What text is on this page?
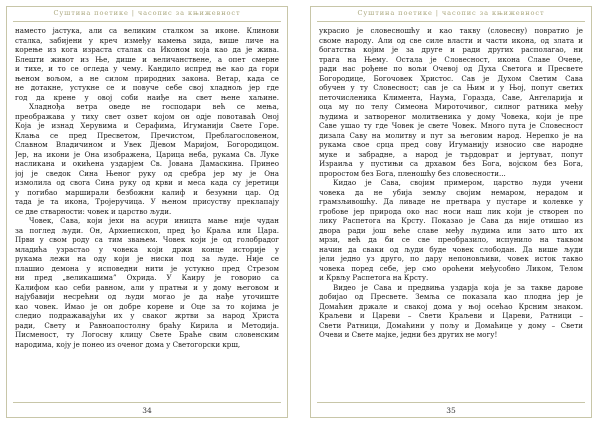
Суштина поетике | часопис за књижевност
наместо јастука, али са великим сталком за иконе. Клинови
сталка, забијени у креч између камења зида, више личе на
корење из кога израста сталак са Иконом која као да је жива.
Блешти живот из Ње, дише и величанствене, а опет смерне
и тихе, и то се огледа у чему. Кандило испред ње као да гори
њеном вољом, а не силом природних закона. Ветар, када се
не дотакне, устукне се и повуче себе свој хладнољ јер где
год да крене у овој соби наиђе на свет њене хаљине.
Хладнођа ветра оведе не господари већ се мења,
преображава у тиху свет озвет којом он одје повотаваћ Оној
Која је изнад Херувима и Серафима, Игуманији Свете Горе.
Клања се пред Пресветом, Пречистом, Преблагословеном,
Славном Владичином и Увек Дјевом Маријом, Богородицом.
Јер, на икони је Она изображена, Царица неба, рукама Св. Луке
насликана и окићена уздарјем Св. Јована Дамаскина. Принео
јој је сведок Сина Њеног руку од сребра јер му је Она
измолила од свога Сина руку од крви и меса када су јеретици
у погибао марширали безбожни калиф и безумни цар. Од
тада је та икона, Тројеручица. У њеном присуству преклапају
се две стварности: човек и царство људи.
Човек, Сава, који јехи на асури иницта мање није чудан
за поглед људи. Он, Архиепископ, пред ђо Краља или Цара.
Први у свом роду са тим звањем. Човек који је од голобрадог
младића узрастао у човека који држи конце историје у
рукама лежи на оду који је ниски под за људе. Није се
плашио демона у исповедни нити је устукно пред Стрезом
ни пред „великашима” Охрида. У Каиру је говорио са
Калифом као себи равном, али у пратњи и у дому његовом и
најубавији несрећни од људи могао је да нађе уточиште
као човек. Имао је он добре корене и Оце за то којима је
следио подражавајући их у сваког жртви за народ Христа
ради, Свету и Равноапостолну браћу Кирила и Методија.
Писменост, ту Логосну клицу Свете Браће свим словенским
народима, коју је понео из оченог дома у Светогорски крш,
34
Суштина поетике | часопис за књижевност
украсио је словесношћу и као такву (словесну) повратио је
своме народу. Али од све силе власти и части икона, од злата и
богатства којим је за друге и ради других располагао, ни
трага на Њему. Остала је Словесност, икона Славе Очеве,
ради нас рођене по вољи Очевој од Духа Светога и Пресвете
Богородице, Богочовек Христос. Сав је Духом Светим Сава
обучен у ту Словесност; сав је са Њим и у Њој, попут светих
петочисленика Климента, Наума, Горазда, Саве, Ангеларија и
оца му по телу Симеона Мироточивог, силног ратника међу
људима и затвореног молитвеника у дому Човека, који је пре
Саве ушао ту где Човек је свете Човек. Много пута је Словесност
дизала Саву на молитву и пут за његовим народ. Нерепко је на
рукама свое срца пред сову Игуманију износио све народне
муке и забрадне, а народ је търдоврат и jертуват, попут
Израиља у пустињи са дрхавом без Бога, војском без Бога,
проростом без Бога, пленошћу без словесности...
Кидао је Сава, својим примером, царство људи учени
човека да не убија земљу својим немаром, нерадом и
грамзљивошћу. Да ливаде не претвара у пустаре и колевке у
гробове јер природа око нас носи наш лик који је створен по
лику Распетога на Крсту. Показао је Сава да није отишао из
двора ради још веће славе међу људима или зато што их
мрзи, већ да би се све преобразило, испунило на таквом
начин да сваки од људи буде човек слободан. Да више људи
јели једно уз друго, по дару непоновљиви, човек исток такво
човека поред себе, јер смо ороћени међусобно Ликом, Телом
и Крвљу Распетога на Крсту.
Видео је Сава и предвиња уздарја која је за такве дарове
добијао од Пресвете. Земља се показала као плодна јер је
Домаћин држале и свакој дома у њој осећао Крсним знаком.
Краљеви и Цареви – Свети Краљеви и Цареви, Ратници –
Свети Ратници, Домаћини у пољу и Домаћице у дому – Свети
Очеви и Свете мајке, једни без других не могу!
35
